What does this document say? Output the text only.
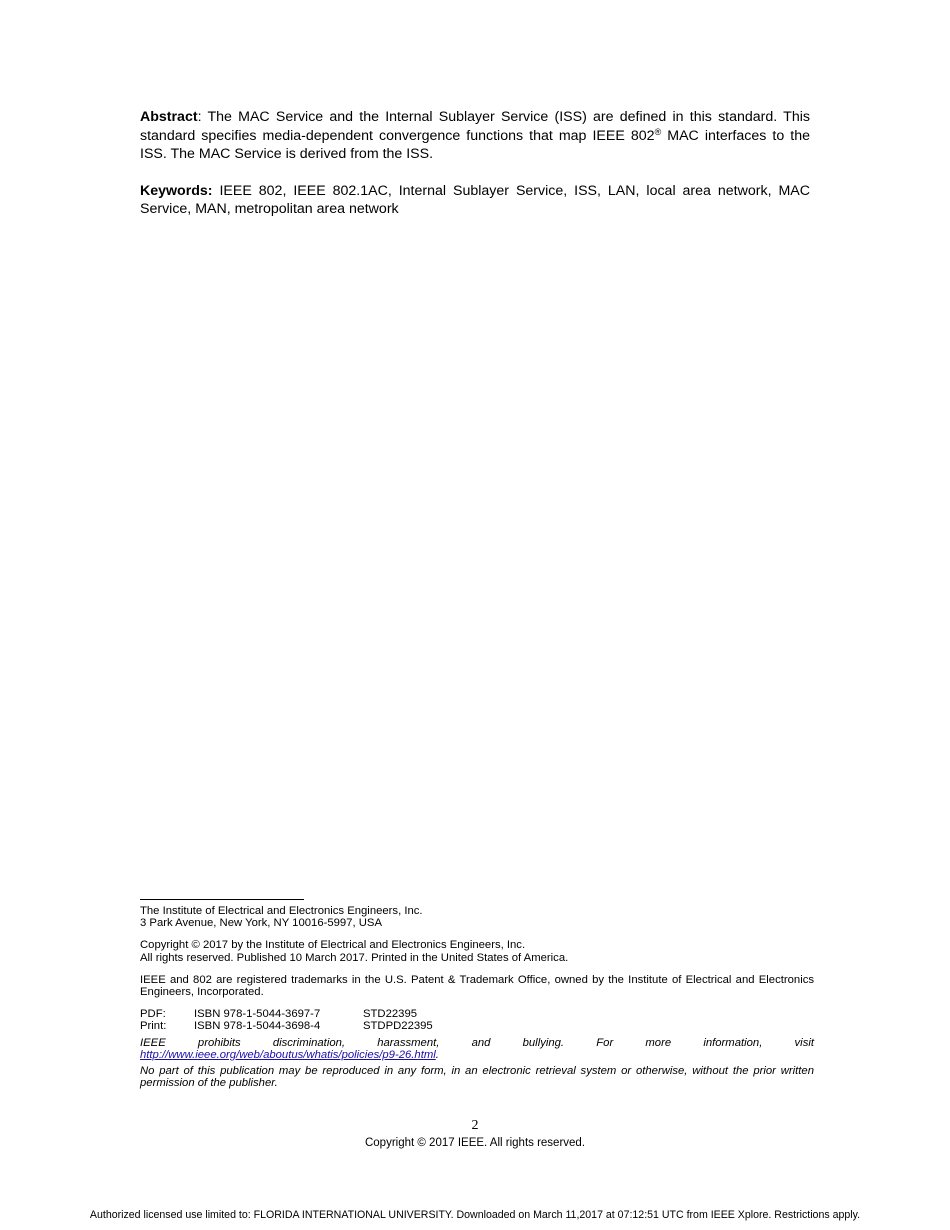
Abstract: The MAC Service and the Internal Sublayer Service (ISS) are defined in this standard. This standard specifies media-dependent convergence functions that map IEEE 802® MAC interfaces to the ISS. The MAC Service is derived from the ISS.

Keywords: IEEE 802, IEEE 802.1AC, Internal Sublayer Service, ISS, LAN, local area network, MAC Service, MAN, metropolitan area network

The Institute of Electrical and Electronics Engineers, Inc.

3 Park Avenue, New York, NY 10016-5997, USA

Copyright © 2017 by the Institute of Electrical and Electronics Engineers, Inc.

All rights reserved. Published 10 March 2017. Printed in the United States of America.

IEEE and 802 are registered trademarks in the U.S. Patent & Trademark Office, owned by the Institute of Electrical and Electronics Engineers, Incorporated.

PDF:	ISBN 978-1-5044-3697-7	STD22395
Print:	ISBN 978-1-5044-3698-4	STDPD22395

IEEE prohibits discrimination, harassment, and bullying. For more information, visit http://www.ieee.org/web/aboutus/whatis/policies/p9-26.html.

No part of this publication may be reproduced in any form, in an electronic retrieval system or otherwise, without the prior written permission of the publisher.

2
Copyright © 2017 IEEE. All rights reserved.
Authorized licensed use limited to: FLORIDA INTERNATIONAL UNIVERSITY. Downloaded on March 11,2017 at 07:12:51 UTC from IEEE Xplore. Restrictions apply.
